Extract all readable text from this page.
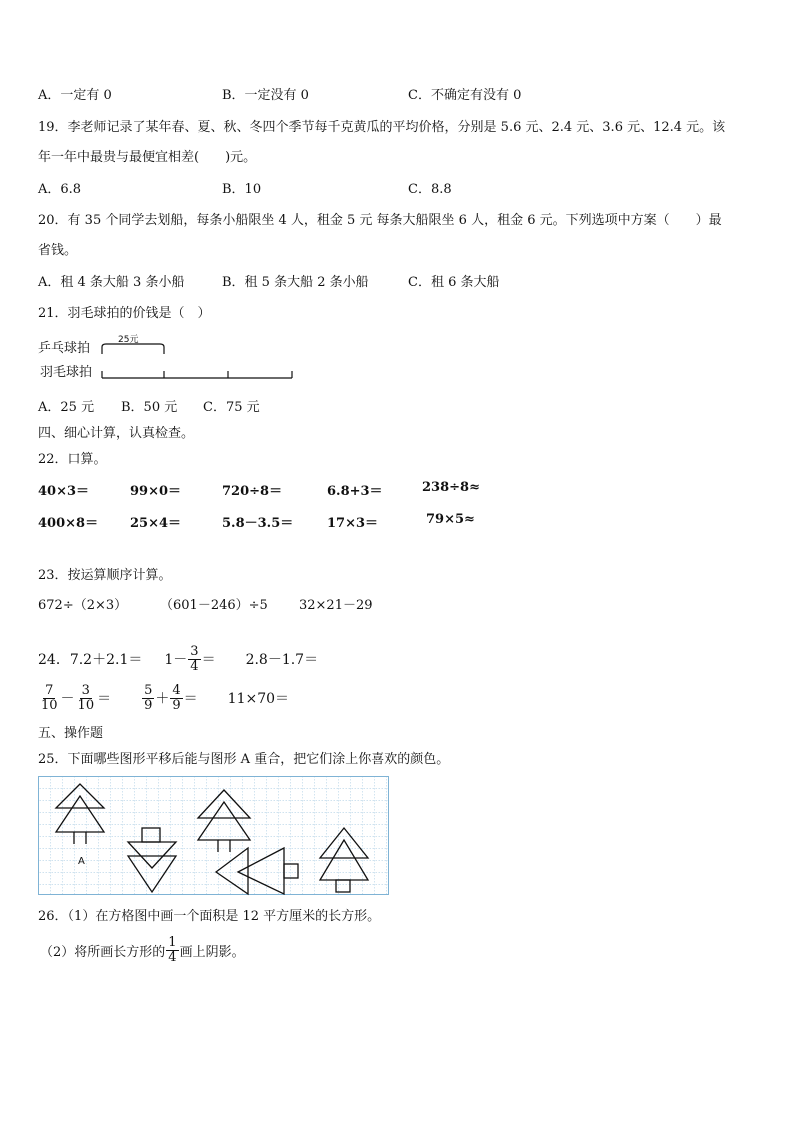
A．一定有 0	B．一定没有 0	C．不确定有没有 0
19．李老师记录了某年春、夏、秋、冬四个季节每千克黄瓜的平均价格，分别是 5.6 元、2.4 元、3.6 元、12.4 元。该
年一年中最贵与最便宜相差(　　)元。
A．6.8	B．10	C．8.8
20．有 35 个同学去划船，每条小船限坐 4 人，租金 5 元 每条大船限坐 6 人，租金 6 元。下列选项中方案（　　）最
省钱。
A．租 4 条大船 3 条小船	B．租 5 条大船 2 条小船	C．租 6 条大船
21．羽毛球拍的价钱是（　）
乒乓球拍
25元
羽毛球拍
A．25 元 B．50 元 C．75 元
四、细心计算，认真检查。
22．口算。
40×3＝	99×0＝	720÷8＝	6.8+3＝	238÷8≈
400×8＝ 25×4＝	5.8－3.5＝	17×3＝	79×5≈
23．按运算顺序计算。
672÷（2×3）	（601－246）÷5 32×21－29
24． $7.2+2.1= 1- \frac{3}{4} = 2.8-1.7=$
$\frac{7}{10} - \frac{3}{10} = \frac{5}{9} + \frac{4}{9} = 11\times 70=$
五、操作题
25．下面哪些图形平移后能与图形 A 重合，把它们涂上你喜欢的颜色。
A
26．（1）在方格图中画一个面积是 12 平方厘米的长方形。
（2）将所画长方形的 $\frac{1}{4}$ 画上阴影。
